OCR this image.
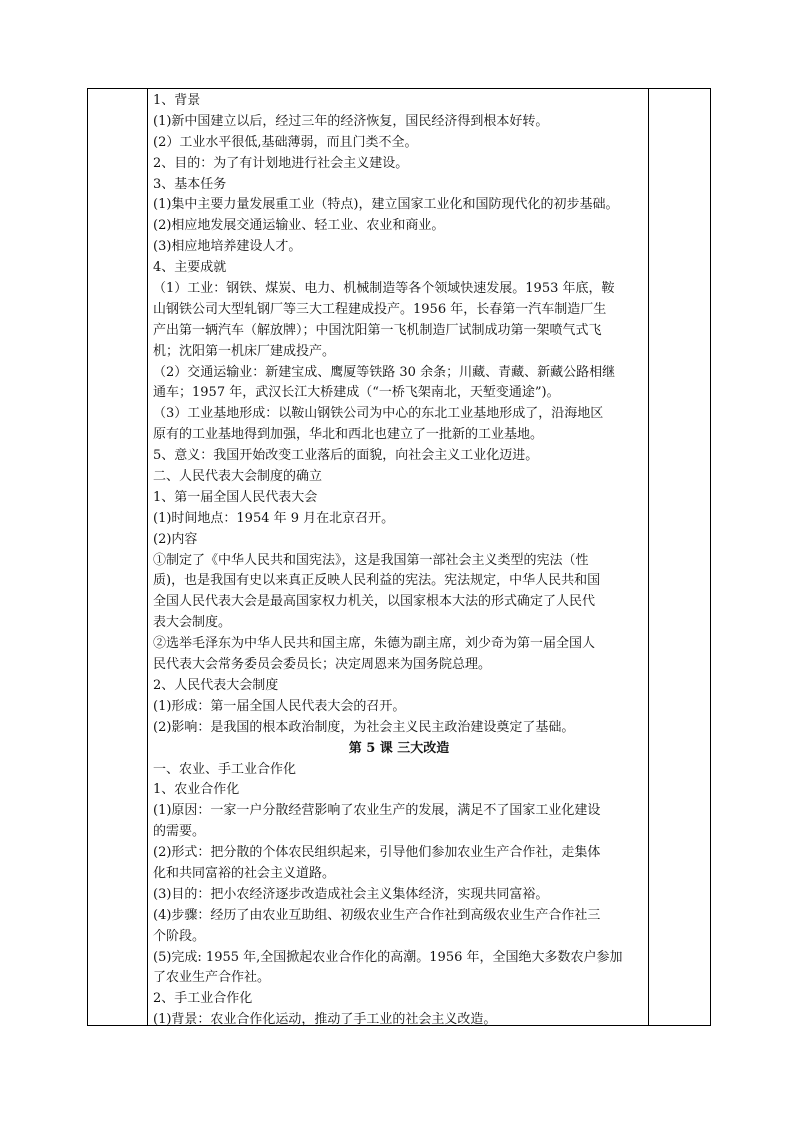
1、背景
(1)新中国建立以后，经过三年的经济恢复，国民经济得到根本好转。
(2）工业水平很低,基础薄弱，而且门类不全。
2、目的：为了有计划地进行社会主义建设。
3、基本任务
(1)集中主要力量发展重工业（特点)，建立国家工业化和国防现代化的初步基础。
(2)相应地发展交通运输业、轻工业、农业和商业。
(3)相应地培养建设人才。
4、主要成就
（1）工业：钢铁、煤炭、电力、机械制造等各个领域快速发展。1953 年底，鞍
山钢铁公司大型轧钢厂等三大工程建成投产。1956 年，长春第一汽车制造厂生
产出第一辆汽车（解放牌）；中国沈阳第一飞机制造厂试制成功第一架喷气式飞
机；沈阳第一机床厂建成投产。
（2）交通运输业：新建宝成、鹰厦等铁路 30 余条；川藏、青藏、新藏公路相继
通车；1957 年，武汉长江大桥建成（“一桥飞架南北，天堑变通途”)。
（3）工业基地形成：以鞍山钢铁公司为中心的东北工业基地形成了，沿海地区
原有的工业基地得到加强，华北和西北也建立了一批新的工业基地。
5、意义：我国开始改变工业落后的面貌，向社会主义工业化迈进。
二、人民代表大会制度的确立
1、第一届全国人民代表大会
(1)时间地点：1954 年 9 月在北京召开。
(2)内容
①制定了《中华人民共和国宪法》，这是我国第一部社会主义类型的宪法（性
质)，也是我国有史以来真正反映人民利益的宪法。宪法规定，中华人民共和国
全国人民代表大会是最高国家权力机关，以国家根本大法的形式确定了人民代
表大会制度。
②选举毛泽东为中华人民共和国主席，朱德为副主席，刘少奇为第一届全国人
民代表大会常务委员会委员长；决定周恩来为国务院总理。
2、人民代表大会制度
(1)形成：第一届全国人民代表大会的召开。
(2)影响：是我国的根本政治制度，为社会主义民主政治建设奠定了基础。
第 5 课 三大改造
一、农业、手工业合作化
1、农业合作化
(1)原因：一家一户分散经营影响了农业生产的发展，满足不了国家工业化建设
的需要。
(2)形式：把分散的个体农民组织起来，引导他们参加农业生产合作社，走集体
化和共同富裕的社会主义道路。
(3)目的：把小农经济逐步改造成社会主义集体经济，实现共同富裕。
(4)步骤：经历了由农业互助组、初级农业生产合作社到高级农业生产合作社三
个阶段。
(5)完成: 1955 年,全国掀起农业合作化的高潮。1956 年，全国绝大多数农户参加
了农业生产合作社。
2、手工业合作化
(1)背景：农业合作化运动，推动了手工业的社会主义改造。
